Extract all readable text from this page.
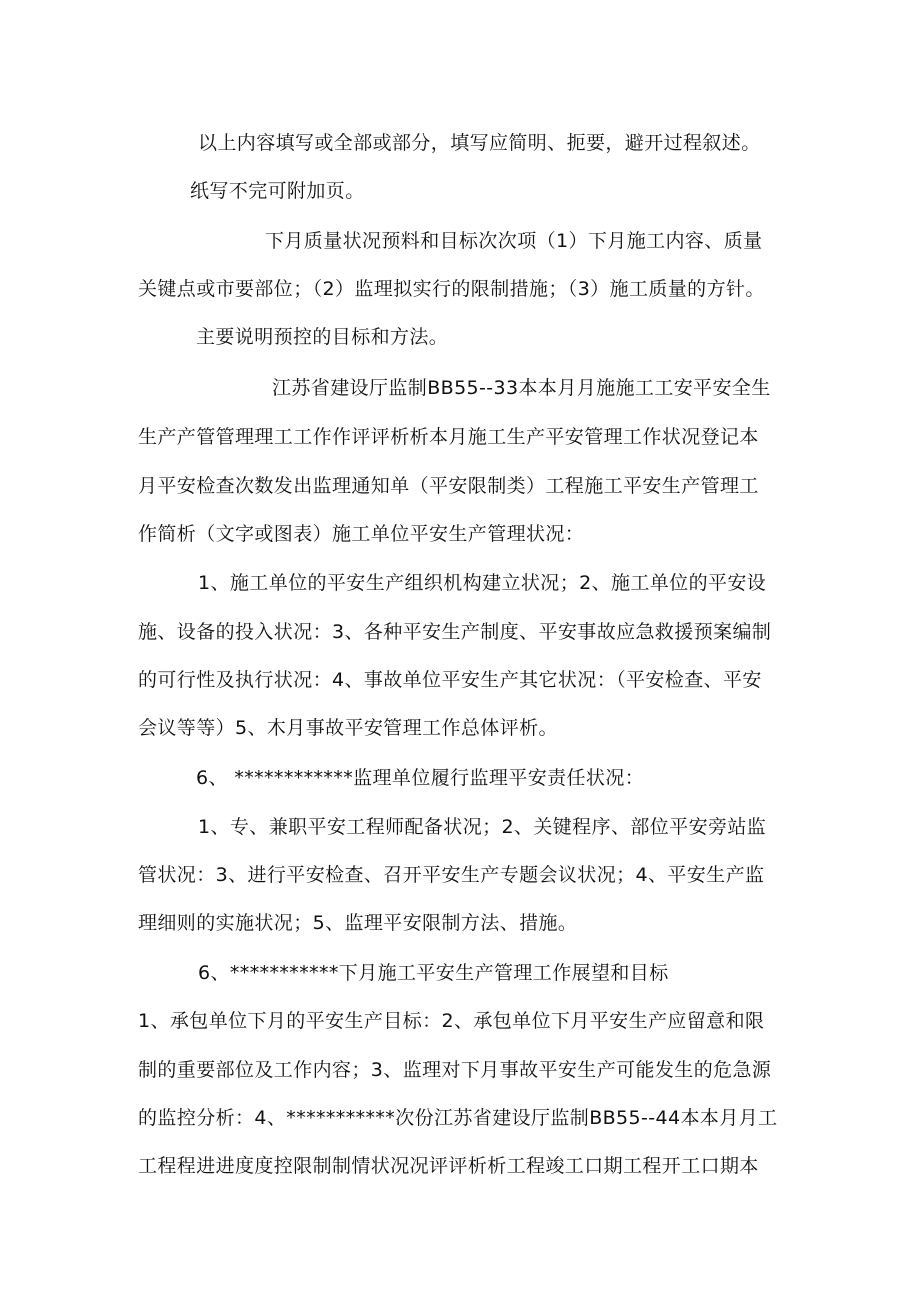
以上内容填写或全部或部分，填写应简明、扼要，避开过程叙述。
纸写不完可附加页。
下月质量状况预料和目标次次项（1）下月施工内容、质量
关键点或市要部位；（2）监理拟实行的限制措施；（3）施工质量的方针。
主要说明预控的目标和方法。
江苏省建设厅监制BB55--33本本月月施施工工安平安全生
生产产管管理理工工作作评评析析本月施工生产平安管理工作状况登记本
月平安检查次数发出监理通知单（平安限制类）工程施工平安生产管理工
作简析（文字或图表）施工单位平安生产管理状况：
1、施工单位的平安生产组织机构建立状况；2、施工单位的平安设
施、设备的投入状况：3、各种平安生产制度、平安事故应急救援预案编制
的可行性及执行状况：4、事故单位平安生产其它状况：（平安检查、平安
会议等等）5、木月事故平安管理工作总体评析。
6、 ************监理单位履行监理平安责任状况：
1、专、兼职平安工程师配备状况；2、关键程序、部位平安旁站监
管状况：3、进行平安检查、召开平安生产专题会议状况；4、平安生产监
理细则的实施状况；5、监理平安限制方法、措施。
6、***********下月施工平安生产管理工作展望和目标
1、承包单位下月的平安生产目标：2、承包单位下月平安生产应留意和限
制的重要部位及工作内容；3、监理对下月事故平安生产可能发生的危急源
的监控分析：4、***********次份江苏省建设厅监制BB55--44本本月月工
工程程进进度度控限制制情状况况评评析析工程竣工口期工程开工口期本
